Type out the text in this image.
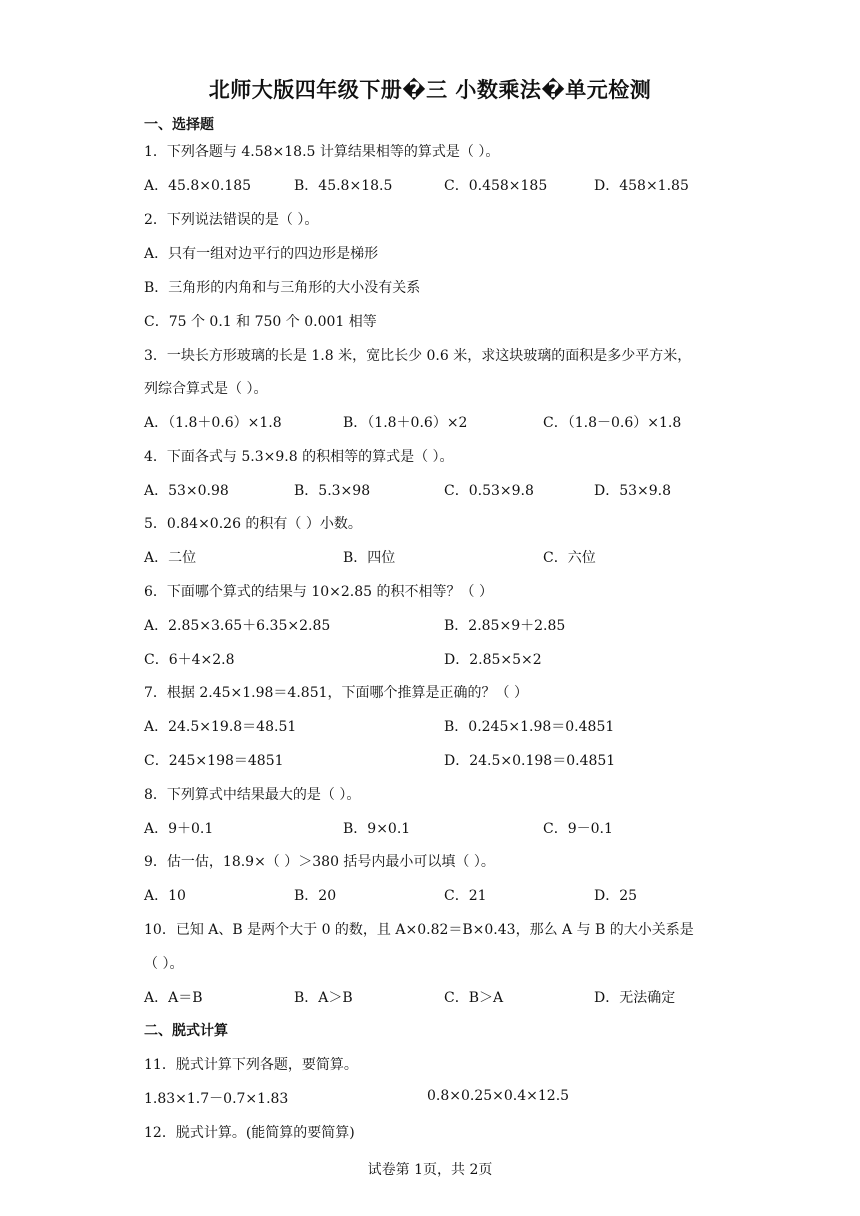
北师大版四年级下册�三 小数乘法�单元检测
一、选择题
1．下列各题与 4.58×18.5 计算结果相等的算式是（ ）。
A．45.8×0.185	B．45.8×18.5	C．0.458×185	D．458×1.85
2．下列说法错误的是（ ）。
A．只有一组对边平行的四边形是梯形
B．三角形的内角和与三角形的大小没有关系
C．75 个 0.1 和 750 个 0.001 相等
3．一块长方形玻璃的长是 1.8 米，宽比长少 0.6 米，求这块玻璃的面积是多少平方米，
列综合算式是（ ）。
A．（1.8＋0.6）×1.8	B．（1.8＋0.6）×2	C．（1.8－0.6）×1.8
4．下面各式与 5.3×9.8 的积相等的算式是（ ）。
A．53×0.98	B．5.3×98	C．0.53×9.8	D．53×9.8
5．0.84×0.26 的积有（ ）小数。
A．二位	B．四位	C．六位
6．下面哪个算式的结果与 10×2.85 的积不相等？（ ）
A．2.85×3.65＋6.35×2.85	B．2.85×9＋2.85
C．6＋4×2.8	D．2.85×5×2
7．根据 2.45×1.98＝4.851，下面哪个推算是正确的？（ ）
A．24.5×19.8＝48.51	B．0.245×1.98＝0.4851
C．245×198＝4851	D．24.5×0.198＝0.4851
8．下列算式中结果最大的是（ ）。
A．9＋0.1	B．9×0.1	C．9－0.1
9．估一估，18.9×（ ）＞380 括号内最小可以填（ ）。
A．10	B．20	C．21	D．25
10．已知 A、B 是两个大于 0 的数，且 A×0.82＝B×0.43，那么 A 与 B 的大小关系是
（ ）。
A．A＝B	B．A＞B	C．B＞A	D．无法确定
二、脱式计算
11．脱式计算下列各题，要简算。
1.83×1.7－0.7×1.83	0.8×0.25×0.4×12.5
12．脱式计算。(能简算的要简算)
试卷第 1页，共 2页
